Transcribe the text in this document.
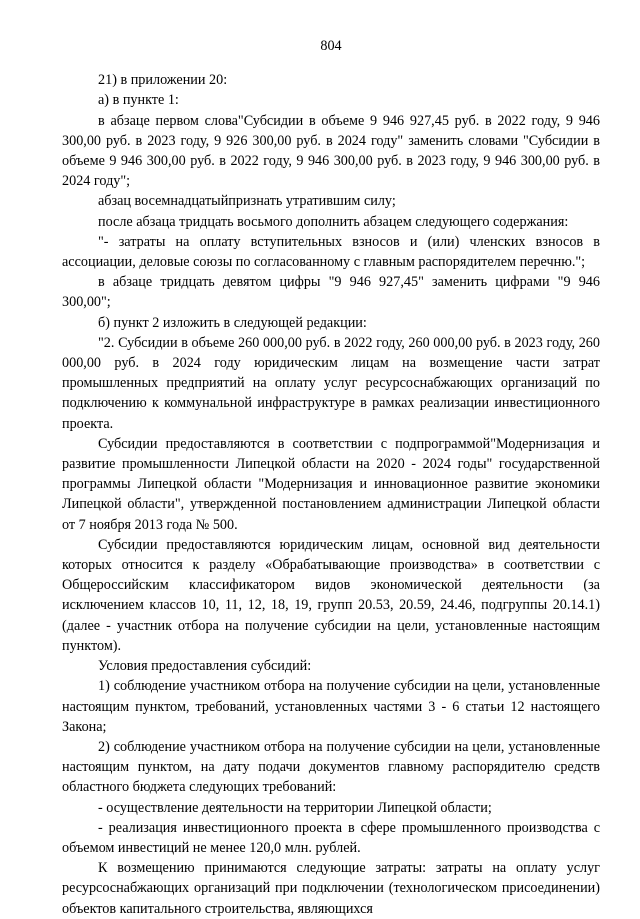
804

21) в приложении 20:

а) в пункте 1:

в абзаце первом слова"Субсидии в объеме 9 946 927,45 руб. в 2022 году, 9 946 300,00 руб. в 2023 году, 9 926 300,00 руб. в 2024 году" заменить словами "Субсидии в объеме 9 946 300,00 руб. в 2022 году, 9 946 300,00 руб. в 2023 году, 9 946 300,00 руб. в 2024 году";

абзац восемнадцатыйпризнать утратившим силу;

после абзаца тридцать восьмого дополнить абзацем следующего содержания:

"- затраты на оплату вступительных взносов и (или) членских взносов в ассоциации, деловые союзы по согласованному с главным распорядителем перечню.";

в абзаце тридцать девятом цифры "9 946 927,45" заменить цифрами "9 946 300,00";

б) пункт 2 изложить в следующей редакции:

"2. Субсидии в объеме 260 000,00 руб. в 2022 году, 260 000,00 руб. в 2023 году, 260 000,00 руб. в 2024 году юридическим лицам на возмещение части затрат промышленных предприятий на оплату услуг ресурсоснабжающих организаций по подключению к коммунальной инфраструктуре в рамках реализации инвестиционного проекта.

Субсидии предоставляются в соответствии с подпрограммой"Модернизация и развитие промышленности Липецкой области на 2020 - 2024 годы" государственной программы Липецкой области "Модернизация и инновационное развитие экономики Липецкой области", утвержденной постановлением администрации Липецкой области от 7 ноября 2013 года № 500.

Субсидии предоставляются юридическим лицам, основной вид деятельности которых относится к разделу «Обрабатывающие производства» в соответствии с Общероссийским классификатором видов экономической деятельности (за исключением классов 10, 11, 12, 18, 19, групп 20.53, 20.59, 24.46, подгруппы 20.14.1) (далее - участник отбора на получение субсидии на цели, установленные настоящим пунктом).

Условия предоставления субсидий:

1) соблюдение участником отбора на получение субсидии на цели, установленные настоящим пунктом, требований, установленных частями 3 - 6 статьи 12 настоящего Закона;

2) соблюдение участником отбора на получение субсидии на цели, установленные настоящим пунктом, на дату подачи документов главному распорядителю средств областного бюджета следующих требований:

- осуществление деятельности на территории Липецкой области;

- реализация инвестиционного проекта в сфере промышленного производства с объемом инвестиций не менее 120,0 млн. рублей.

К возмещению принимаются следующие затраты: затраты на оплату услуг ресурсоснабжающих организаций при подключении (технологическом присоединении) объектов капитального строительства, являющихся
